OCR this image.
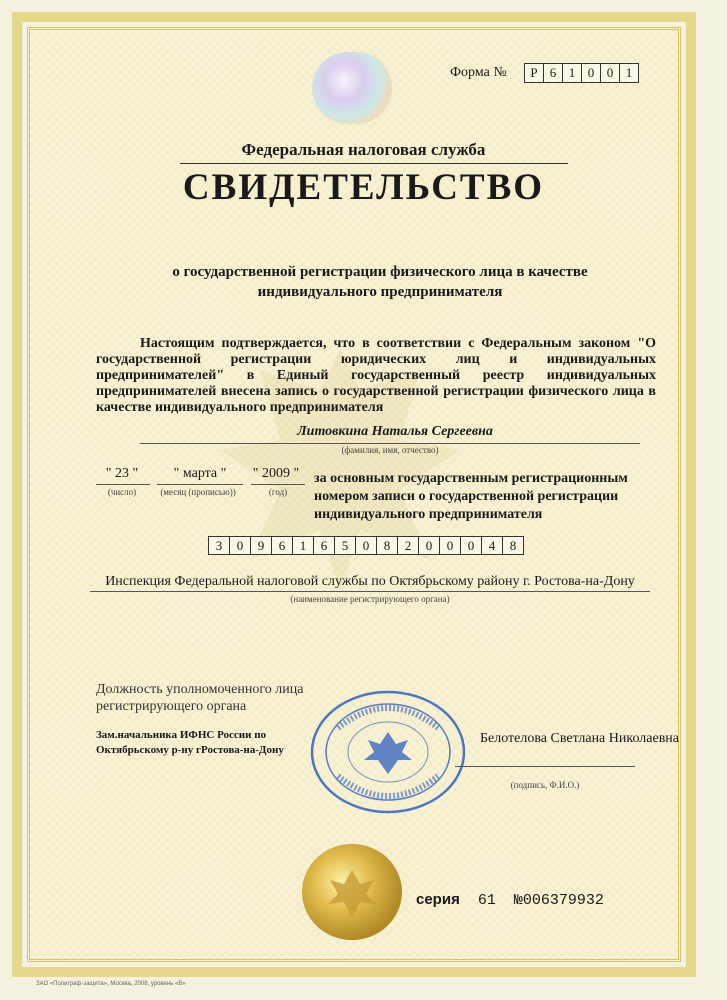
Форма №	Р 6 1 0 0 1
Федеральная налоговая служба
СВИДЕТЕЛЬСТВО
о государственной регистрации физического лица в качестве индивидуального предпринимателя

Настоящим подтверждается, что в соответствии с Федеральным законом "О государственной регистрации юридических лиц и индивидуальных предпринимателей" в Единый государственный реестр индивидуальных предпринимателей внесена запись о государственной регистрации физического лица в качестве индивидуального предпринимателя

Литовкина Наталья Сергеевна
(фамилия, имя, отчество)
" 23 "	" марта "	" 2009 "
(число)	(месяц (прописью))	(год)
за основным государственным регистрационным номером записи о государственной регистрации индивидуального предпринимателя
3	0	9	6	1	6	5	0	8	2	0	0	0	4	8
Инспекция Федеральной налоговой службы по Октябрьскому району г. Ростова-на-Дону
(наименование регистрирующего органа)
Должность уполномоченного лица регистрирующего органа
Зам.начальника ИФНС России по Октябрьскому р-ну гРостова-на-Дону
Белотелова Светлана Николаевна
(подпись, Ф.И.О.)
серия 61 №006379932
ЗАО «Полиграф-защита», Москва, 2008, уровень «В»
